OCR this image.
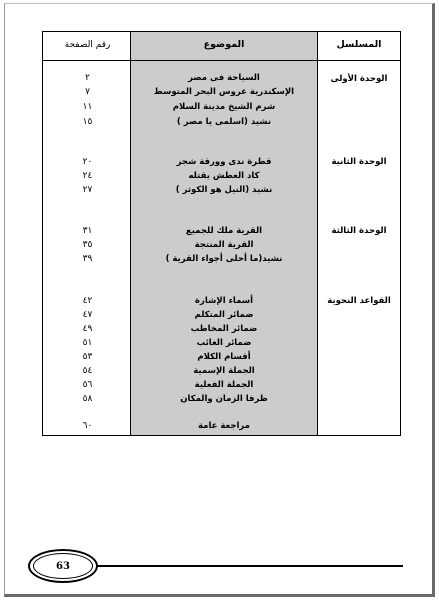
المسلسل
الوحدة الأولى
الوحدة الثانية
الوحدة الثالثة
القواعد النحوية
الموضوع
السياحة فى مصر
الإسكندرية عروس البحر المتوسط
شرم الشيخ مدينة السلام
نشيد (اسلمى يا مصر )
قطرة ندى وورقة شجر
كاد العطش يقتله
نشيد (النيل هو الكوثر )
القرية ملك للجميع
القرية المنتجة
نشيد(ما أحلى أجواء القرية )
أسماء الإشارة
ضمائر المتكلم
ضمائر المخاطب
ضمائر الغائب
أقسام الكلام
الجملة الإسمية
الجملة الفعلية
ظرفا الزمان والمكان
مراجعة عامة
رقم الصفحة
٢
٧
١١
١٥
٢٠
٢٤
٢٧
٣١
٣٥
٣٩
٤٢
٤٧
٤٩
٥١
٥٣
٥٤
٥٦
٥٨
٦٠
63
